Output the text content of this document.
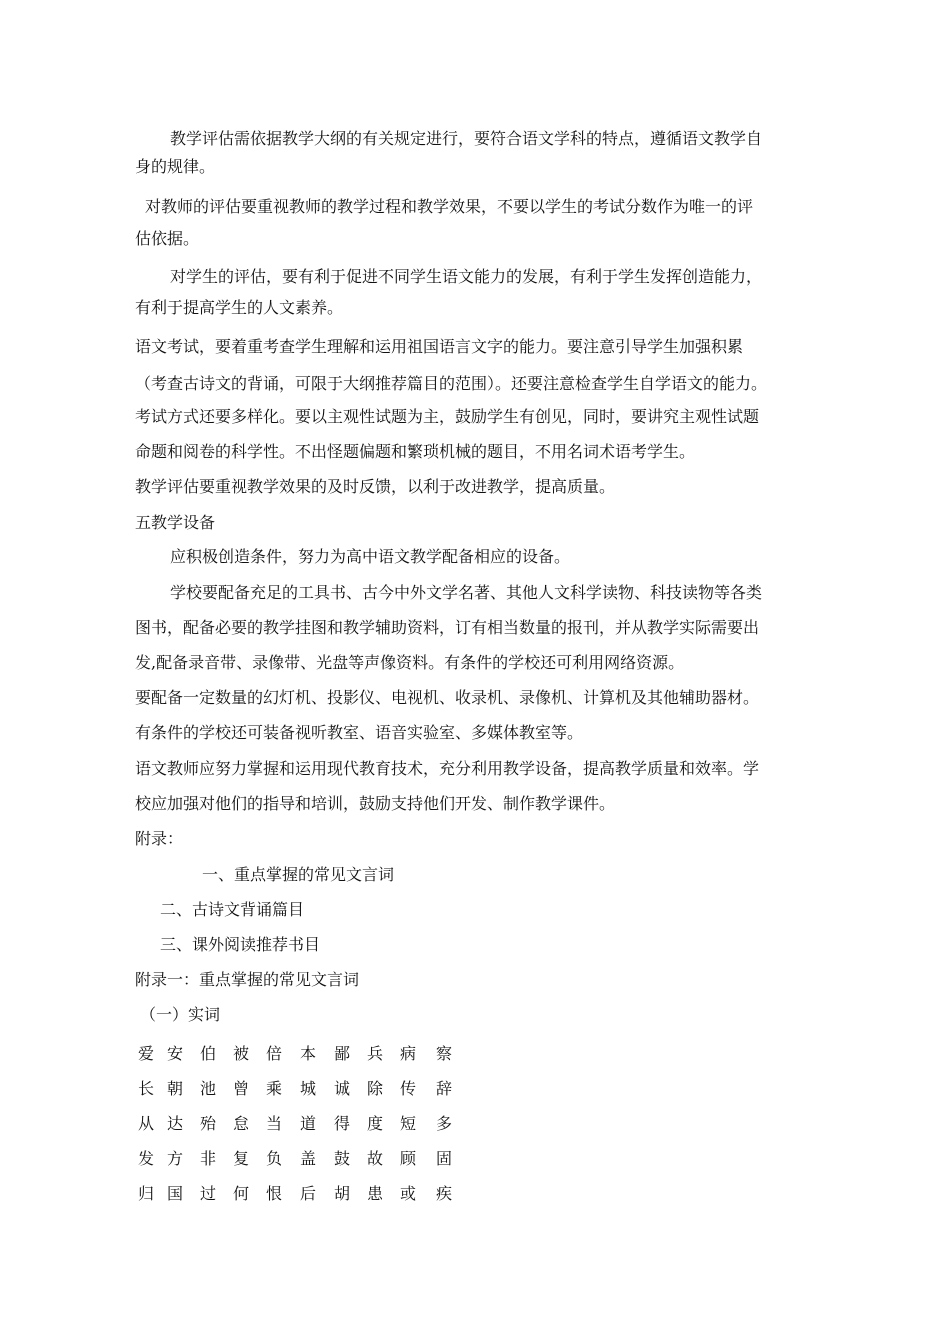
教学评估需依据教学大纲的有关规定进行，要符合语文学科的特点，遵循语文教学自
身的规律。
对教师的评估要重视教师的教学过程和教学效果，不要以学生的考试分数作为唯一的评
估依据。
对学生的评估，要有利于促进不同学生语文能力的发展，有利于学生发挥创造能力，
有利于提高学生的人文素养。
语文考试，要着重考查学生理解和运用祖国语言文字的能力。要注意引导学生加强积累
（考查古诗文的背诵，可限于大纲推荐篇目的范围）。还要注意检查学生自学语文的能力。
考试方式还要多样化。要以主观性试题为主，鼓励学生有创见，同时，要讲究主观性试题
命题和阅卷的科学性。不出怪题偏题和繁琐机械的题目，不用名词术语考学生。
教学评估要重视教学效果的及时反馈，以利于改进教学，提高质量。
五教学设备
应积极创造条件，努力为高中语文教学配备相应的设备。
学校要配备充足的工具书、古今中外文学名著、其他人文科学读物、科技读物等各类
图书，配备必要的教学挂图和教学辅助资料，订有相当数量的报刊，并从教学实际需要出
发,配备录音带、录像带、光盘等声像资料。有条件的学校还可利用网络资源。
要配备一定数量的幻灯机、投影仪、电视机、收录机、录像机、计算机及其他辅助器材。
有条件的学校还可装备视听教室、语音实验室、多媒体教室等。
语文教师应努力掌握和运用现代教育技术，充分利用教学设备，提高教学质量和效率。学
校应加强对他们的指导和培训，鼓励支持他们开发、制作教学课件。
附录：
一、重点掌握的常见文言词
二、古诗文背诵篇目
三、课外阅读推荐书目
附录一：重点掌握的常见文言词
（一）实词
爱 安 伯 被 倍 本 鄙 兵 病 察
长 朝 池 曾 乘 城 诚 除 传 辞
从 达 殆 怠 当 道 得 度 短 多
发 方 非 复 负 盖 鼓 故 顾 固
归 国 过 何 恨 后 胡 患 或 疾
